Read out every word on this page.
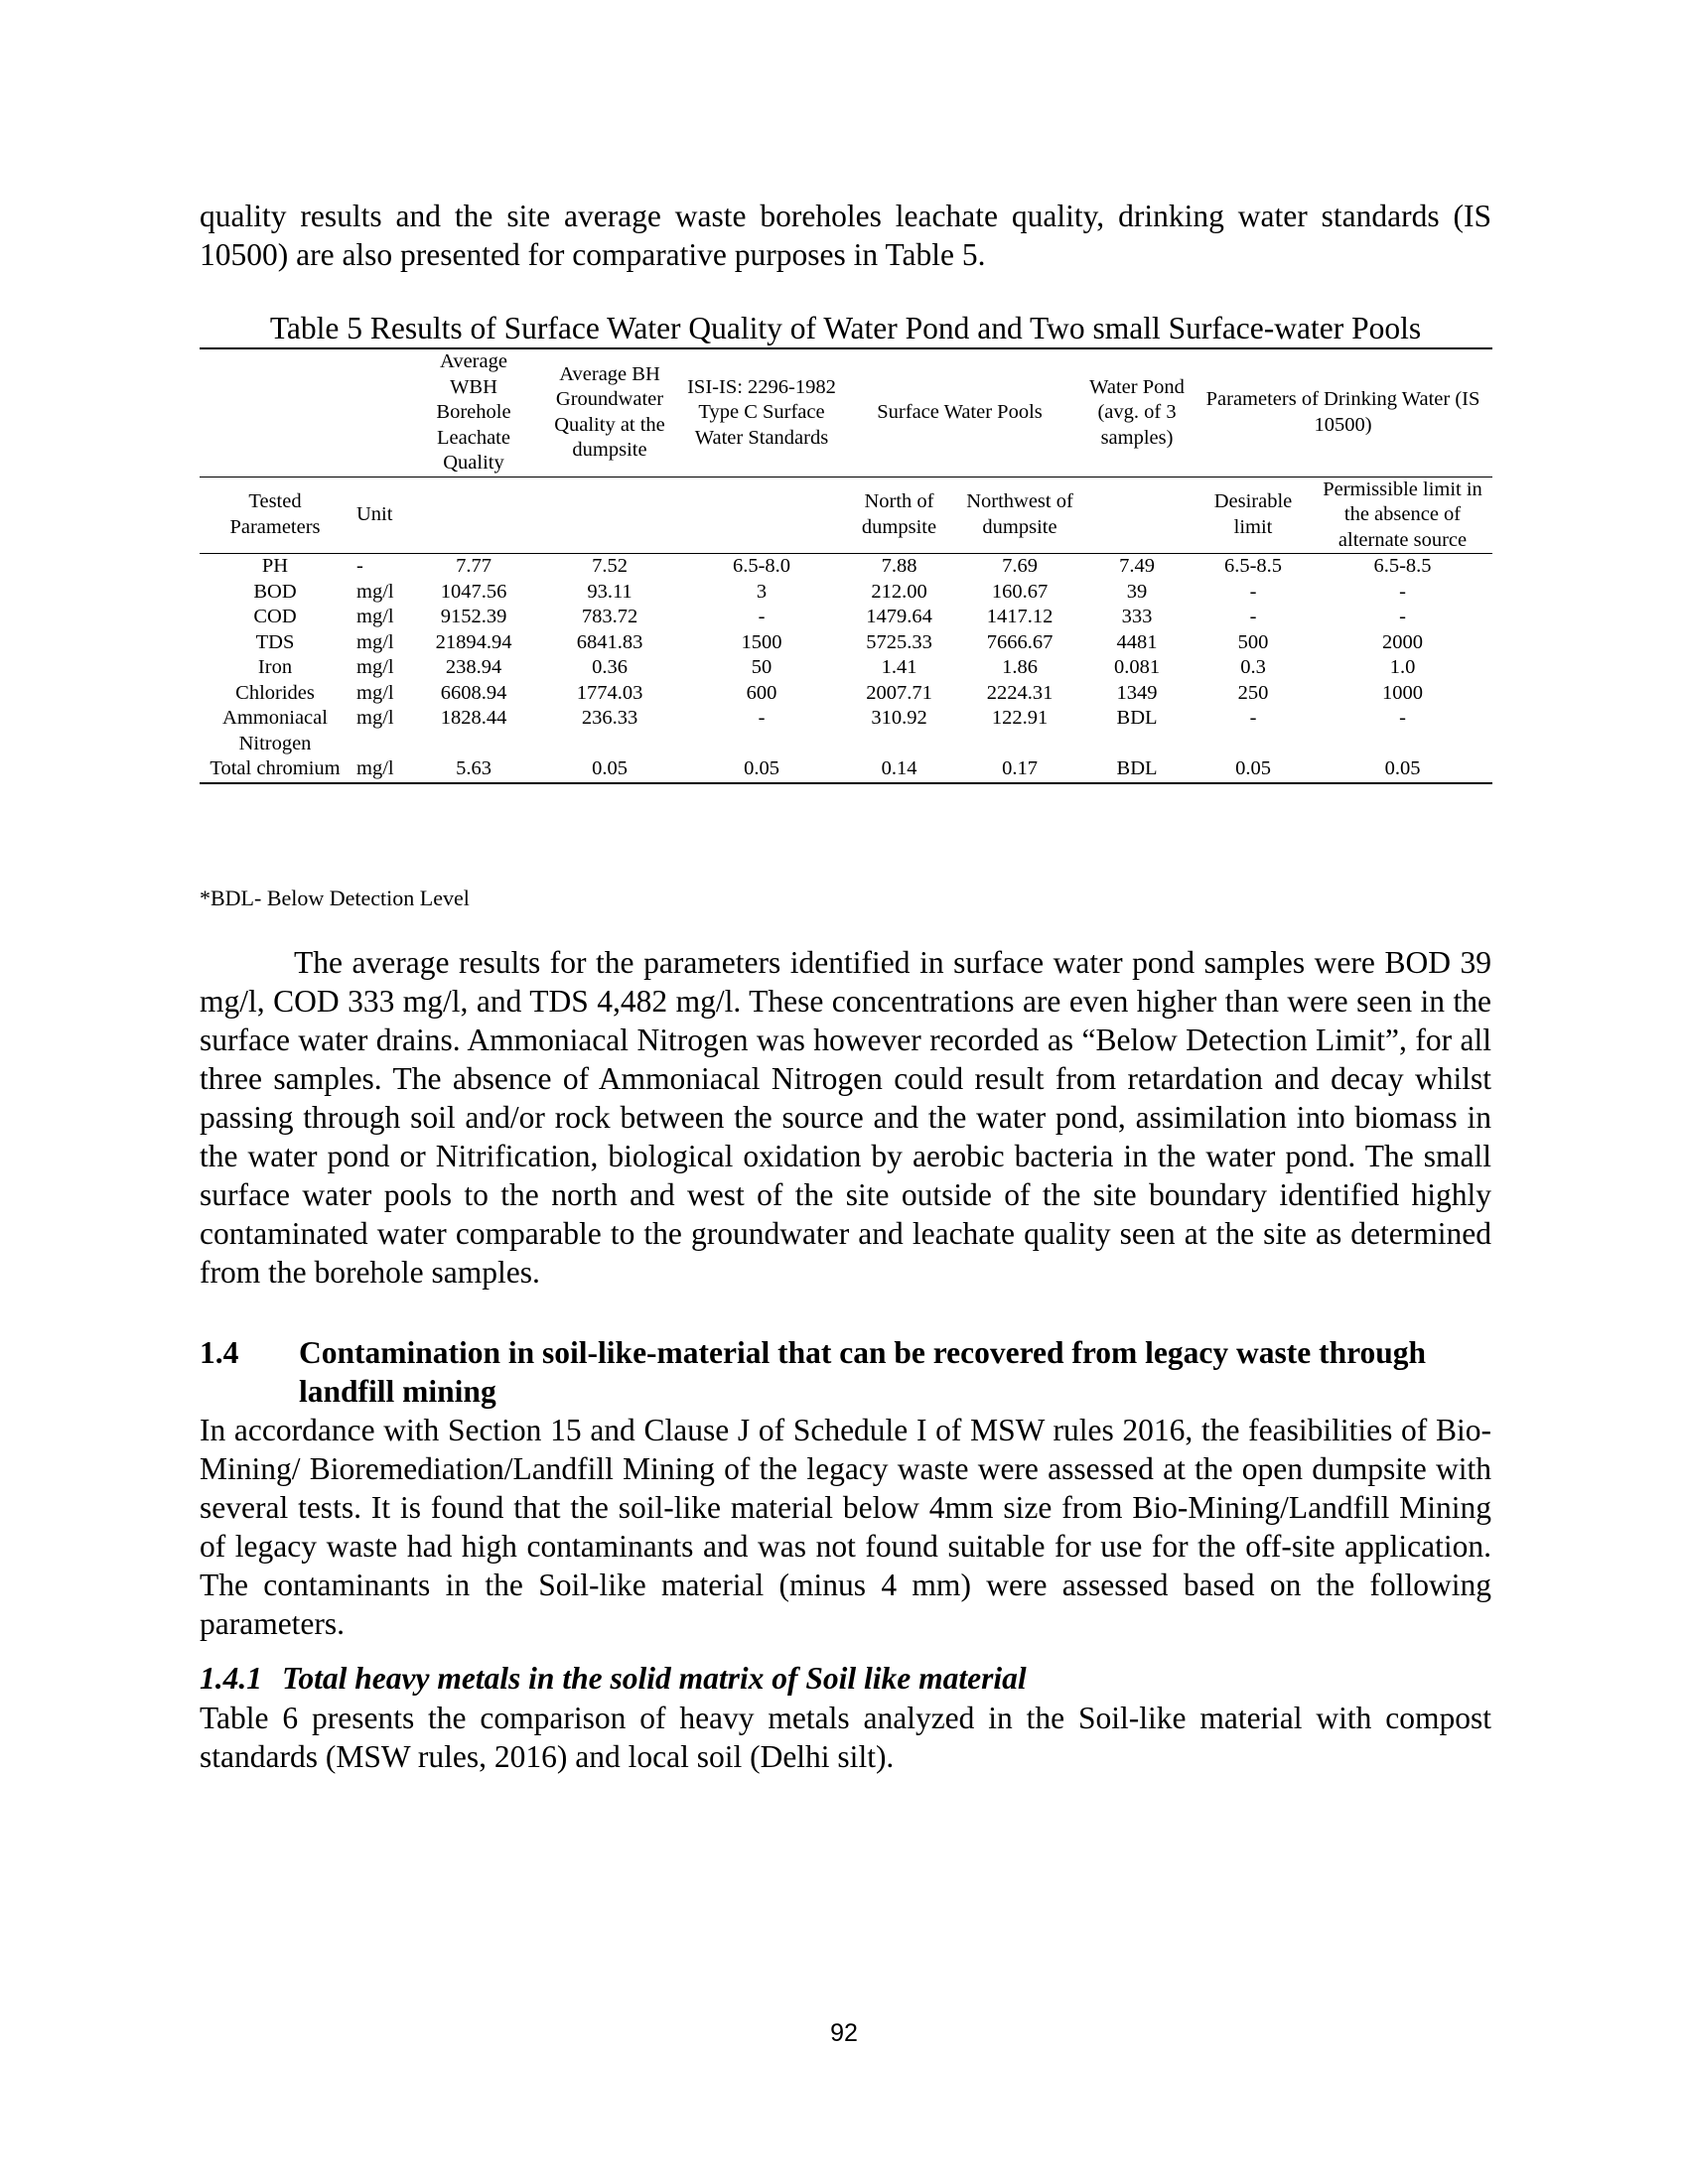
quality results and the site average waste boreholes leachate quality, drinking water standards (IS 10500) are also presented for comparative purposes in Table 5.

Table 5 Results of Surface Water Quality of Water Pond and Two small Surface-water Pools

		Average WBH Borehole Leachate Quality	Average BH Groundwater Quality at the dumpsite	ISI-IS: 2296-1982 Type C Surface Water Standards	Surface Water Pools		Water Pond (avg. of 3 samples)	Parameters of Drinking Water (IS 10500)	
Tested Parameters	Unit				North of dumpsite	Northwest of dumpsite		Desirable limit	Permissible limit in the absence of alternate source
PH	-	7.77	7.52	6.5-8.0	7.88	7.69	7.49	6.5-8.5	6.5-8.5
BOD	mg/l	1047.56	93.11	3	212.00	160.67	39	-	-
COD	mg/l	9152.39	783.72	-	1479.64	1417.12	333	-	-
TDS	mg/l	21894.94	6841.83	1500	5725.33	7666.67	4481	500	2000
Iron	mg/l	238.94	0.36	50	1.41	1.86	0.081	0.3	1.0
Chlorides	mg/l	6608.94	1774.03	600	2007.71	2224.31	1349	250	1000
Ammoniacal Nitrogen	mg/l	1828.44	236.33	-	310.92	122.91	BDL	-	-
Total chromium	mg/l	5.63	0.05	0.05	0.14	0.17	BDL	0.05	0.05

*BDL- Below Detection Level

The average results for the parameters identified in surface water pond samples were BOD 39 mg/l, COD 333 mg/l, and TDS 4,482 mg/l. These concentrations are even higher than were seen in the surface water drains. Ammoniacal Nitrogen was however recorded as “Below Detection Limit”, for all three samples. The absence of Ammoniacal Nitrogen could result from retardation and decay whilst passing through soil and/or rock between the source and the water pond, assimilation into biomass in the water pond or Nitrification, biological oxidation by aerobic bacteria in the water pond. The small surface water pools to the north and west of the site outside of the site boundary identified highly contaminated water comparable to the groundwater and leachate quality seen at the site as determined from the borehole samples.

1.4	Contamination in soil-like-material that can be recovered from legacy waste through landfill mining

In accordance with Section 15 and Clause J of Schedule I of MSW rules 2016, the feasibilities of Bio-Mining/ Bioremediation/Landfill Mining of the legacy waste were assessed at the open dumpsite with several tests. It is found that the soil-like material below 4mm size from Bio-Mining/Landfill Mining of legacy waste had high contaminants and was not found suitable for use for the off-site application. The contaminants in the Soil-like material (minus 4 mm) were assessed based on the following parameters.

1.4.1 Total heavy metals in the solid matrix of Soil like material

Table 6 presents the comparison of heavy metals analyzed in the Soil-like material with compost standards (MSW rules, 2016) and local soil (Delhi silt).

92
